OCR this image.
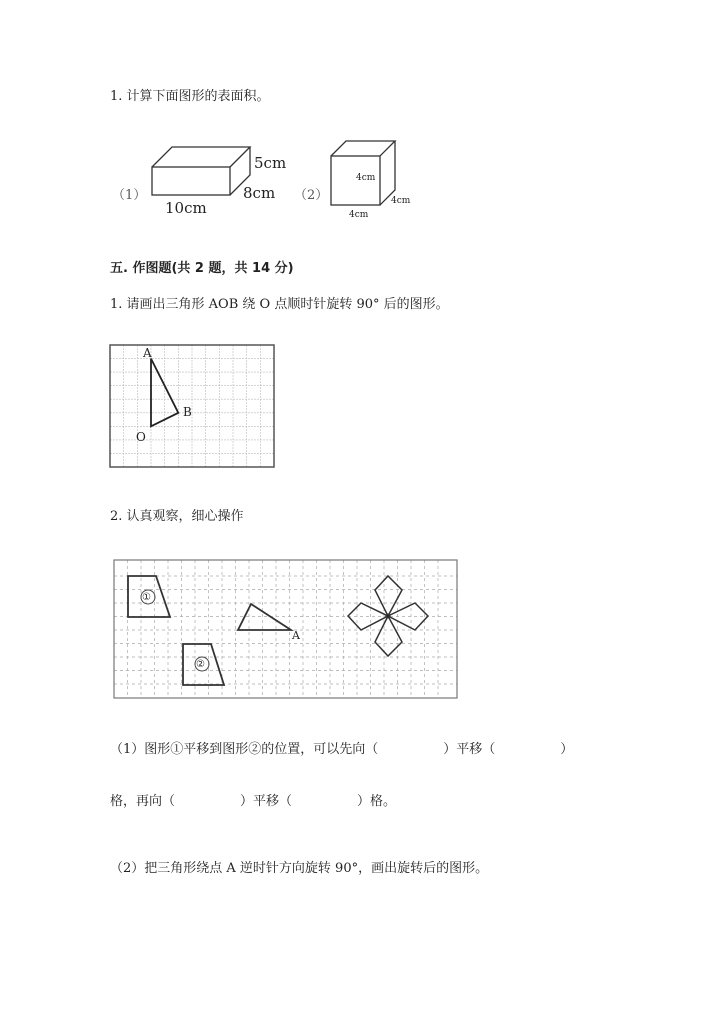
1. 计算下面图形的表面积。
（1）
10cm
8cm
5cm
（2）
4cm
4cm
4cm
五. 作图题(共 2 题，共 14 分)
1. 请画出三角形 AOB 绕 O 点顺时针旋转 90° 后的图形。
A
B
O
2. 认真观察，细心操作
①
②
A
（1）图形①平移到图形②的位置，可以先向（　　　　　）平移（　　　　　）
格，再向（　　　　　）平移（　　　　　）格。
（2）把三角形绕点 A 逆时针方向旋转 90°，画出旋转后的图形。
